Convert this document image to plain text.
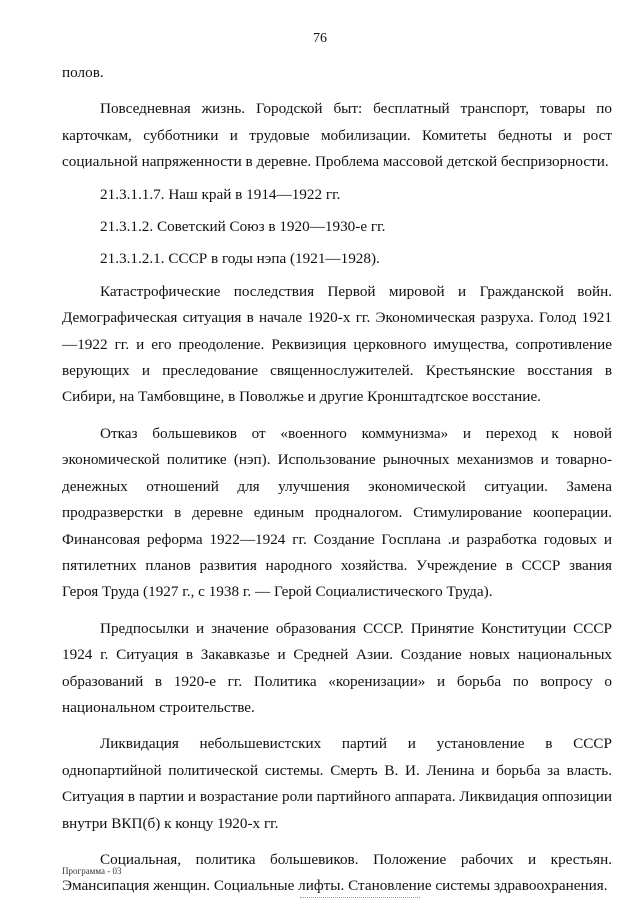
76

полов.

Повседневная жизнь. Городской быт: бесплатный транспорт, товары по карточкам, субботники и трудовые мобилизации. Комитеты бедноты и рост социальной напряженности в деревне. Проблема массовой детской беспризорности.

21.3.1.1.7. Наш край в 1914—1922 гг.

21.3.1.2. Советский Союз в 1920—1930-е гг.

21.3.1.2.1. СССР в годы нэпа (1921—1928).

Катастрофические последствия Первой мировой и Гражданской войн. Демографическая ситуация в начале 1920-х гг. Экономическая разруха. Голод 1921—1922 гг. и его преодоление. Реквизиция церковного имущества, сопротивление верующих и преследование священнослужителей. Крестьянские восстания в Сибири, на Тамбовщине, в Поволжье и другие Кронштадтское восстание.

Отказ большевиков от «военного коммунизма» и переход к новой экономической политике (нэп). Использование рыночных механизмов и товарно-денежных отношений для улучшения экономической ситуации. Замена продразверстки в деревне единым продналогом. Стимулирование кооперации. Финансовая реформа 1922—1924 гг. Создание Госплана .и разработка годовых и пятилетних планов развития народного хозяйства. Учреждение в СССР звания Героя Труда (1927 г., с 1938 г. — Герой Социалистического Труда).

Предпосылки и значение образования СССР. Принятие Конституции СССР 1924 г. Ситуация в Закавказье и Средней Азии. Создание новых национальных образований в 1920-е гг. Политика «коренизации» и борьба по вопросу о национальном строительстве.

Ликвидация небольшевистских партий и установление в СССР однопартийной политической системы. Смерть В. И. Ленина и борьба за власть. Ситуация в партии и возрастание роли партийного аппарата. Ликвидация оппозиции внутри ВКП(б) к концу 1920-х гг.

Социальная, политика большевиков. Положение рабочих и крестьян. Эмансипация женщин. Социальные лифты. Становление системы здравоохранения.

Программа - 03
